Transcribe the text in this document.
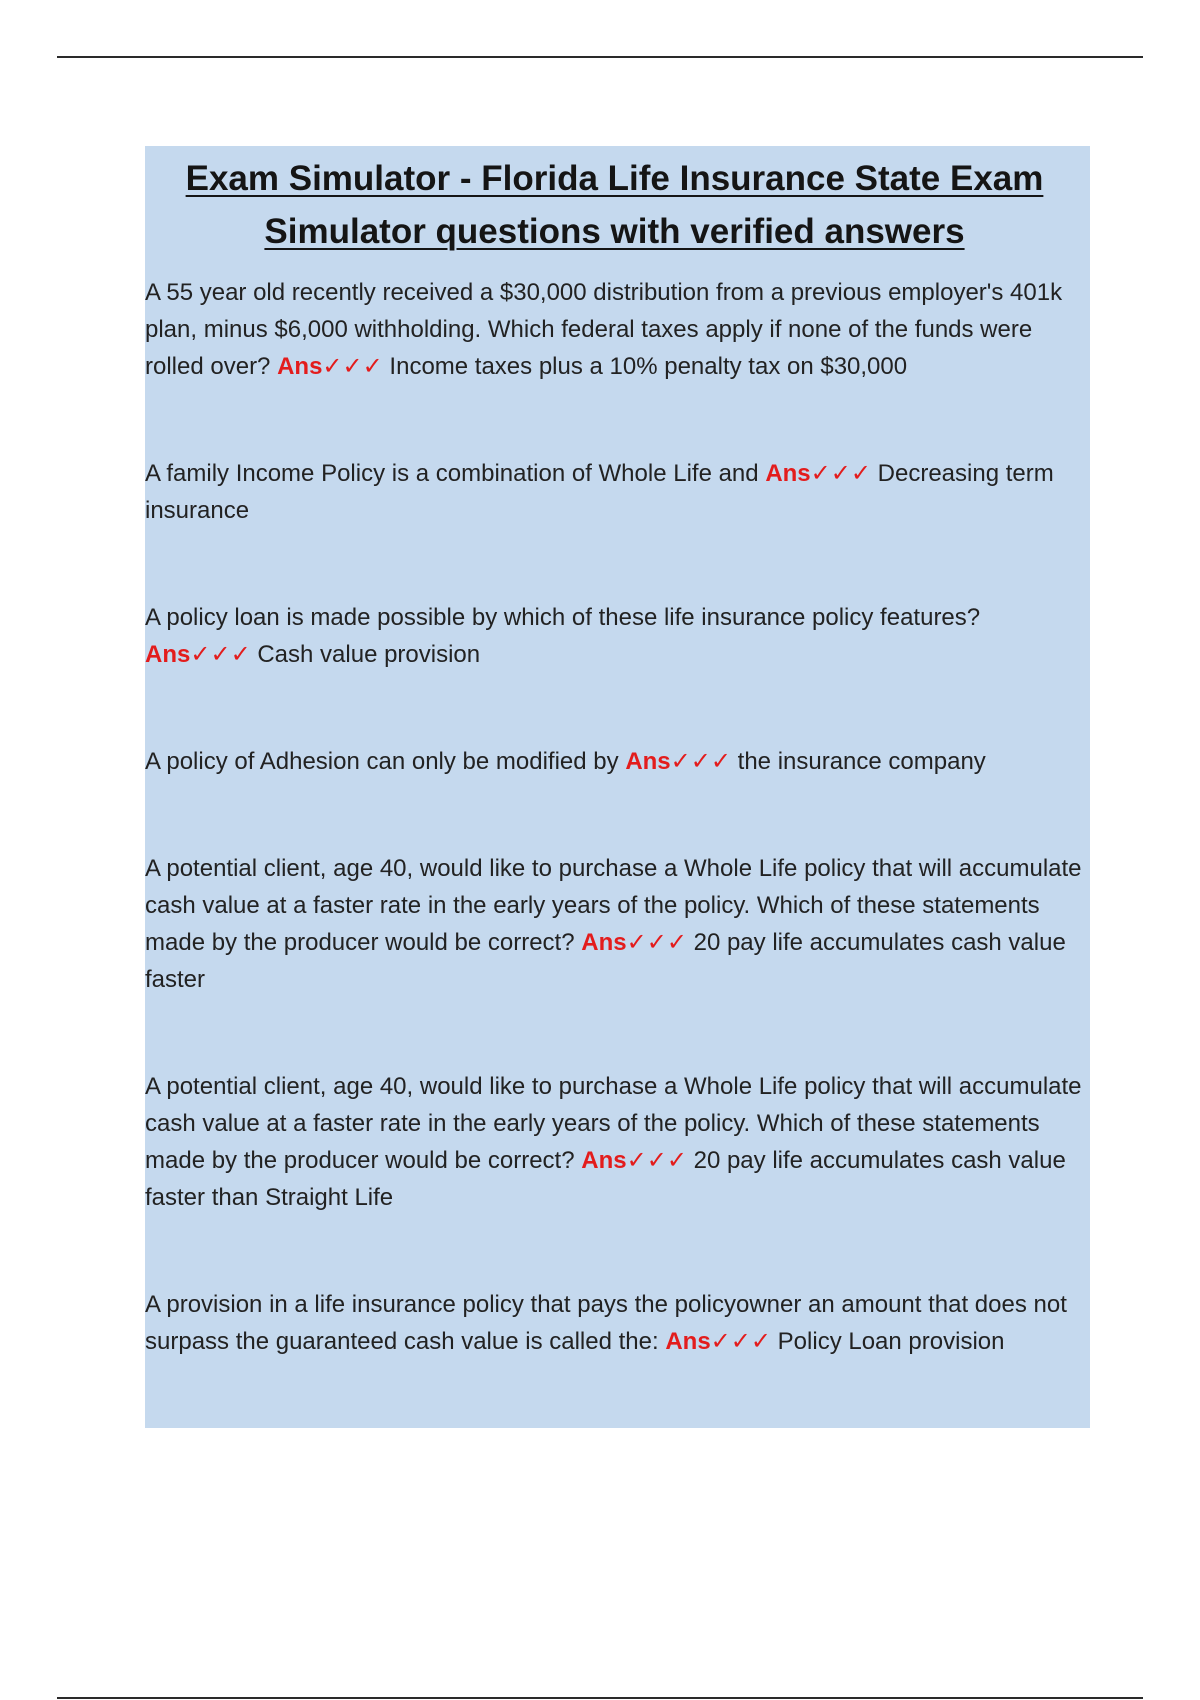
Exam Simulator - Florida Life Insurance State Exam
Simulator questions with verified answers

A 55 year old recently received a $30,000 distribution from a previous employer's 401k plan, minus $6,000 withholding. Which federal taxes apply if none of the funds were rolled over? Ans✓✓✓ Income taxes plus a 10% penalty tax on $30,000

A family Income Policy is a combination of Whole Life and Ans✓✓✓ Decreasing term insurance

A policy loan is made possible by which of these life insurance policy features? Ans✓✓✓ Cash value provision

A policy of Adhesion can only be modified by Ans✓✓✓ the insurance company

A potential client, age 40, would like to purchase a Whole Life policy that will accumulate cash value at a faster rate in the early years of the policy. Which of these statements made by the producer would be correct? Ans✓✓✓ 20 pay life accumulates cash value faster

A potential client, age 40, would like to purchase a Whole Life policy that will accumulate cash value at a faster rate in the early years of the policy. Which of these statements made by the producer would be correct? Ans✓✓✓ 20 pay life accumulates cash value faster than Straight Life

A provision in a life insurance policy that pays the policyowner an amount that does not surpass the guaranteed cash value is called the: Ans✓✓✓ Policy Loan provision
